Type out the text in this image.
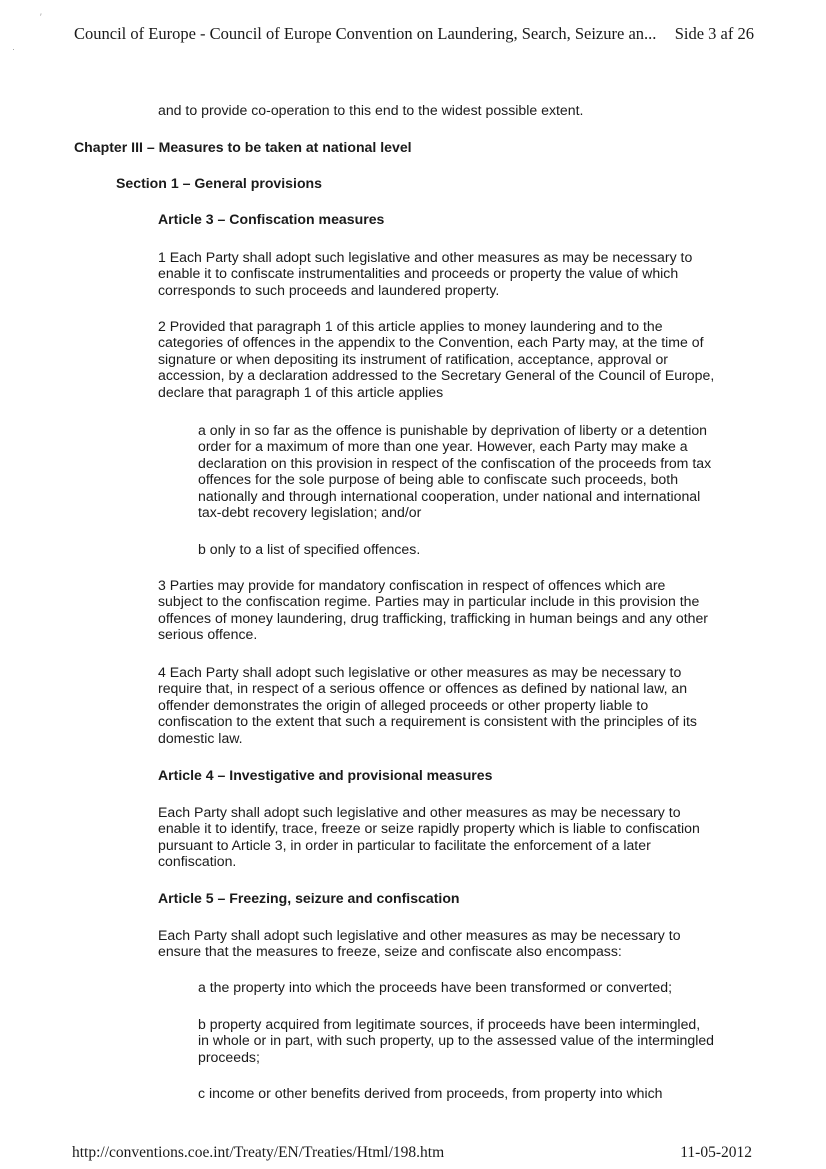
′
·
Council of Europe - Council of Europe Convention on Laundering, Search, Seizure an... Side 3 af 26
and to provide co-operation to this end to the widest possible extent.
Chapter III – Measures to be taken at national level
Section 1 – General provisions
Article 3 – Confiscation measures
1 Each Party shall adopt such legislative and other measures as may be necessary to
enable it to confiscate instrumentalities and proceeds or property the value of which
corresponds to such proceeds and laundered property.
2 Provided that paragraph 1 of this article applies to money laundering and to the
categories of offences in the appendix to the Convention, each Party may, at the time of
signature or when depositing its instrument of ratification, acceptance, approval or
accession, by a declaration addressed to the Secretary General of the Council of Europe,
declare that paragraph 1 of this article applies
a only in so far as the offence is punishable by deprivation of liberty or a detention
order for a maximum of more than one year. However, each Party may make a
declaration on this provision in respect of the confiscation of the proceeds from tax
offences for the sole purpose of being able to confiscate such proceeds, both
nationally and through international cooperation, under national and international
tax-debt recovery legislation; and/or
b only to a list of specified offences.
3 Parties may provide for mandatory confiscation in respect of offences which are
subject to the confiscation regime. Parties may in particular include in this provision the
offences of money laundering, drug trafficking, trafficking in human beings and any other
serious offence.
4 Each Party shall adopt such legislative or other measures as may be necessary to
require that, in respect of a serious offence or offences as defined by national law, an
offender demonstrates the origin of alleged proceeds or other property liable to
confiscation to the extent that such a requirement is consistent with the principles of its
domestic law.
Article 4 – Investigative and provisional measures
Each Party shall adopt such legislative and other measures as may be necessary to
enable it to identify, trace, freeze or seize rapidly property which is liable to confiscation
pursuant to Article 3, in order in particular to facilitate the enforcement of a later
confiscation.
Article 5 – Freezing, seizure and confiscation
Each Party shall adopt such legislative and other measures as may be necessary to
ensure that the measures to freeze, seize and confiscate also encompass:
a the property into which the proceeds have been transformed or converted;
b property acquired from legitimate sources, if proceeds have been intermingled,
in whole or in part, with such property, up to the assessed value of the intermingled
proceeds;
c income or other benefits derived from proceeds, from property into which
http://conventions.coe.int/Treaty/EN/Treaties/Html/198.htm	11-05-2012
